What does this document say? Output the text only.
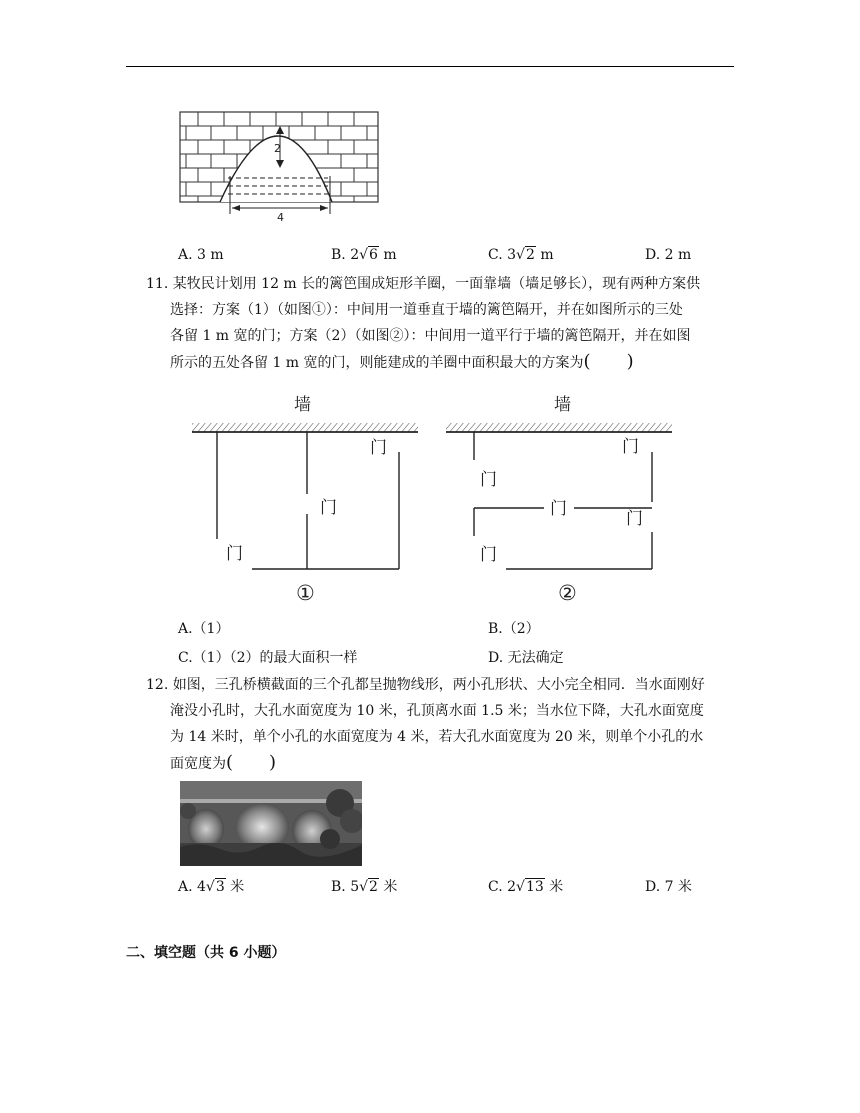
2
4
A. 3 m	B. 2√6 m	C. 3√2 m	D. 2 m
11. 某牧民计划用 12 m 长的篱笆围成矩形羊圈，一面靠墙（墙足够长），现有两种方案供
选择：方案（1）（如图①）：中间用一道垂直于墙的篱笆隔开，并在如图所示的三处
各留 1 m 宽的门；方案（2）（如图②）：中间用一道平行于墙的篱笆隔开，并在如图
所示的五处各留 1 m 宽的门，则能建成的羊圈中面积最大的方案为(　　)
墙
门
门
门
①
墙
门
门
门	门
门
②
A.（1）	B.（2）
C.（1）（2）的最大面积一样	D. 无法确定
12. 如图，三孔桥横截面的三个孔都呈抛物线形，两小孔形状、大小完全相同．当水面刚好
淹没小孔时，大孔水面宽度为 10 米，孔顶离水面 1.5 米；当水位下降，大孔水面宽度
为 14 米时，单个小孔的水面宽度为 4 米，若大孔水面宽度为 20 米，则单个小孔的水
面宽度为(　　)
A. 4√3 米	B. 5√2 米	C. 2√13 米	D. 7 米
二、填空题（共 6 小题）
